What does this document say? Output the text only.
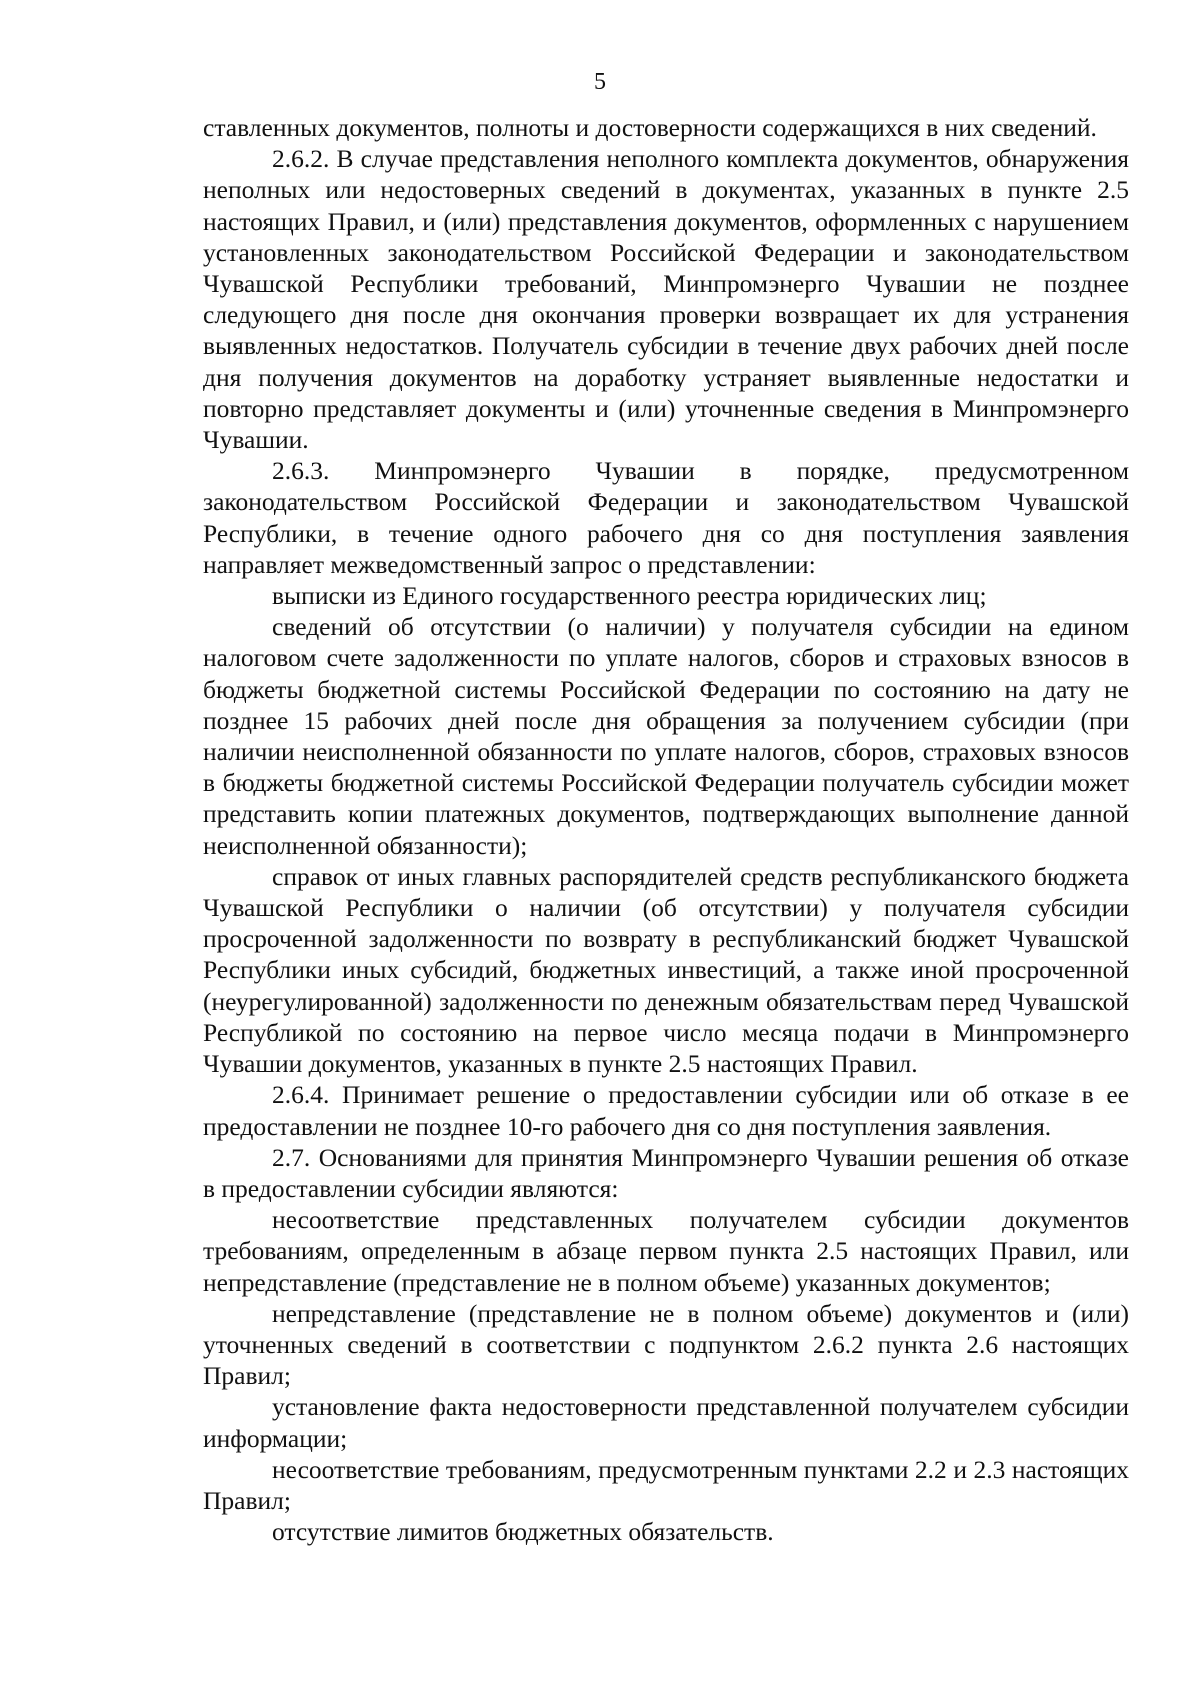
5

ставленных документов, полноты и достоверности содержащихся в них сведений.

2.6.2. В случае представления неполного комплекта документов, обнаружения неполных или недостоверных сведений в документах, указанных в пункте 2.5 настоящих Правил, и (или) представления документов, оформленных с нарушением установленных законодательством Российской Федерации и законодательством Чувашской Республики требований, Минпромэнерго Чувашии не позднее следующего дня после дня окончания проверки возвращает их для устранения выявленных недостатков. Получатель субсидии в течение двух рабочих дней после дня получения документов на доработку устраняет выявленные недостатки и повторно представляет документы и (или) уточненные сведения в Минпромэнерго Чувашии.

2.6.3. Минпромэнерго Чувашии в порядке, предусмотренном законодательством Российской Федерации и законодательством Чувашской Республики, в течение одного рабочего дня со дня поступления заявления направляет межведомственный запрос о представлении:

выписки из Единого государственного реестра юридических лиц;

сведений об отсутствии (о наличии) у получателя субсидии на едином налоговом счете задолженности по уплате налогов, сборов и страховых взносов в бюджеты бюджетной системы Российской Федерации по состоянию на дату не позднее 15 рабочих дней после дня обращения за получением субсидии (при наличии неисполненной обязанности по уплате налогов, сборов, страховых взносов в бюджеты бюджетной системы Российской Федерации получатель субсидии может представить копии платежных документов, подтверждающих выполнение данной неисполненной обязанности);

справок от иных главных распорядителей средств республиканского бюджета Чувашской Республики о наличии (об отсутствии) у получателя субсидии просроченной задолженности по возврату в республиканский бюджет Чувашской Республики иных субсидий, бюджетных инвестиций, а также иной просроченной (неурегулированной) задолженности по денежным обязательствам перед Чувашской Республикой по состоянию на первое число месяца подачи в Минпромэнерго Чувашии документов, указанных в пункте 2.5 настоящих Правил.

2.6.4. Принимает решение о предоставлении субсидии или об отказе в ее предоставлении не позднее 10-го рабочего дня со дня поступления заявления.

2.7. Основаниями для принятия Минпромэнерго Чувашии решения об отказе в предоставлении субсидии являются:

несоответствие представленных получателем субсидии документов требованиям, определенным в абзаце первом пункта 2.5 настоящих Правил, или непредставление (представление не в полном объеме) указанных документов;

непредставление (представление не в полном объеме) документов и (или) уточненных сведений в соответствии с подпунктом 2.6.2 пункта 2.6 настоящих Правил;

установление факта недостоверности представленной получателем субсидии информации;

несоответствие требованиям, предусмотренным пунктами 2.2 и 2.3 настоящих Правил;

отсутствие лимитов бюджетных обязательств.
